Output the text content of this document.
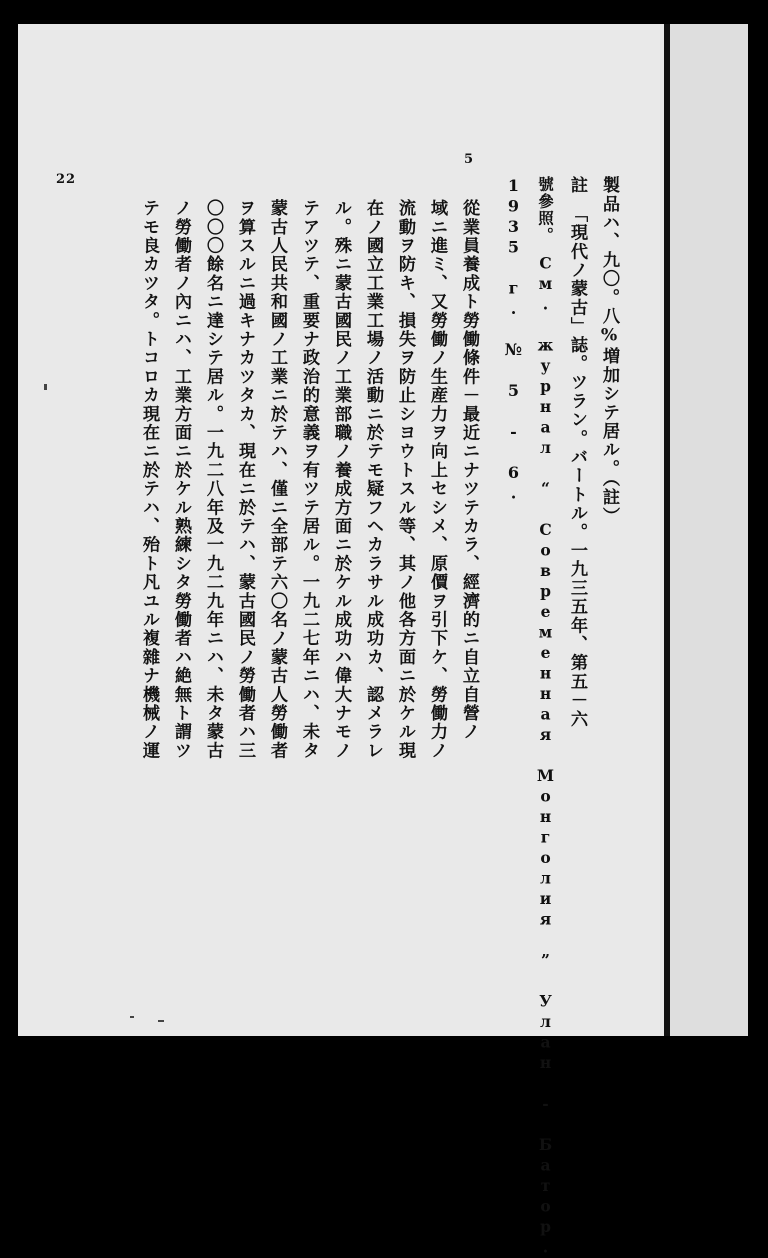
5
製品ハ、九〇。八%増加シテ居ル。（註）
註　「現代ノ蒙古」誌。ツラン。バートル。一九三五年、第五－六
號參照。　См. журнал “ Современная Монголия ” Улан - Батор.
1935 г. № 5 - 6.
從業員養成ト勞働條件－最近ニナツテカラ、經濟的ニ自立自營ノ
域ニ進ミ、又勞働ノ生産力ヲ向上セシメ、原價ヲ引下ケ、勞働力ノ
流動ヲ防キ、損失ヲ防止シヨウトスル等、其ノ他各方面ニ於ケル現
在ノ國立工業工場ノ活動ニ於テモ疑フヘカラサル成功カ、認メラレ
ル。殊ニ蒙古國民ノ工業部職ノ養成方面ニ於ケル成功ハ偉大ナモノ
テアツテ、重要ナ政治的意義ヲ有ツテ居ル。一九二七年ニハ、未タ
蒙古人民共和國ノ工業ニ於テハ、僅ニ全部テ六〇名ノ蒙古人勞働者
ヲ算スルニ過キナカツタカ、現在ニ於テハ、蒙古國民ノ勞働者ハ三
〇〇〇餘名ニ達シテ居ル。一九二八年及一九二九年ニハ、未タ蒙古
ノ勞働者ノ內ニハ、工業方面ニ於ケル熟練シタ勞働者ハ絶無ト謂ツ
テモ良カツタ。トコロカ現在ニ於テハ、殆ト凡ユル複雜ナ機械ノ運
22
